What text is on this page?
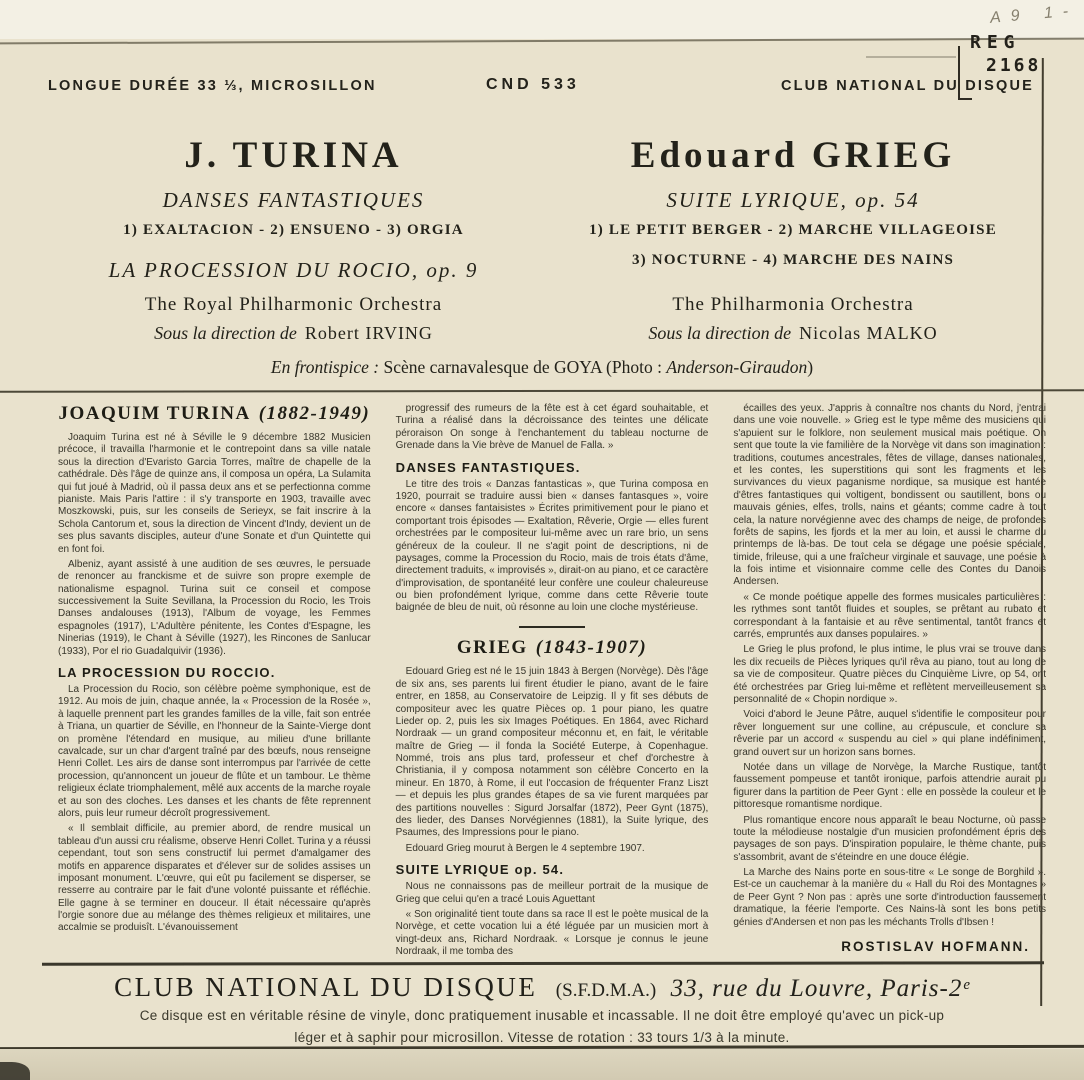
A9 1-
REG
2168
LONGUE DURÉE 33 ⅓, MICROSILLON	CND 533	CLUB NATIONAL DU DISQUE
J. TURINA
DANSES FANTASTIQUES
1) EXALTACION - 2) ENSUENO - 3) ORGIA
LA PROCESSION DU ROCIO, op. 9
The Royal Philharmonic Orchestra
Sous la direction de Robert IRVING
Edouard GRIEG
SUITE LYRIQUE, op. 54
1) LE PETIT BERGER - 2) MARCHE VILLAGEOISE
3) NOCTURNE - 4) MARCHE DES NAINS
The Philharmonia Orchestra
Sous la direction de Nicolas MALKO
En frontispice : Scène carnavalesque de GOYA (Photo : Anderson-Giraudon)
JOAQUIM TURINA (1882-1949)

Joaquim Turina est né à Séville le 9 décembre 1882 Musicien précoce, il travailla l'harmonie et le contrepoint dans sa ville natale sous la direction d'Evaristo Garcia Torres, maître de chapelle de la cathédrale. Dès l'âge de quinze ans, il composa un opéra, La Sulamita qui fut joué à Madrid, où il passa deux ans et se perfectionna comme pianiste. Mais Paris l'attire : il s'y transporte en 1903, travaille avec Moszkowski, puis, sur les conseils de Serieyx, se fait inscrire à la Schola Cantorum et, sous la direction de Vincent d'Indy, devient un de ses plus savants disciples, auteur d'une Sonate et d'un Quintette qui en font foi.

Albeniz, ayant assisté à une audition de ses œuvres, le persuade de renoncer au franckisme et de suivre son propre exemple de nationalisme espagnol. Turina suit ce conseil et compose successivement la Suite Sevillana, la Procession du Rocio, les Trois Danses andalouses (1913), l'Album de voyage, les Femmes espagnoles (1917), L'Adultère pénitente, les Contes d'Espagne, les Ninerias (1919), le Chant à Séville (1927), les Rincones de Sanlucar (1933), Por el rio Guadalquivir (1936).

LA PROCESSION DU ROCCIO.

La Procession du Rocio, son célèbre poème symphonique, est de 1912. Au mois de juin, chaque année, la « Procession de la Rosée », à laquelle prennent part les grandes familles de la ville, fait son entrée à Triana, un quartier de Séville, en l'honneur de la Sainte-Vierge dont on promène l'étendard en musique, au milieu d'une brillante cavalcade, sur un char d'argent traîné par des bœufs, nous renseigne Henri Collet. Les airs de danse sont interrompus par l'arrivée de cette procession, qu'annoncent un joueur de flûte et un tambour. Le thème religieux éclate triomphalement, mêlé aux accents de la marche royale et au son des cloches. Les danses et les chants de fête reprennent alors, puis leur rumeur décroît progressivement.

« Il semblait difficile, au premier abord, de rendre musical un tableau d'un aussi cru réalisme, observe Henri Collet. Turina y a réussi cependant, tout son sens constructif lui permet d'amalgamer des motifs en apparence disparates et d'élever sur de solides assises un imposant monument. L'œuvre, qui eût pu facilement se disperser, se resserre au contraire par le fait d'une volonté puissante et réfléchie. Elle gagne à se terminer en douceur. Il était nécessaire qu'après l'orgie sonore due au mélange des thèmes religieux et militaires, une accalmie se produisît. L'évanouissement

progressif des rumeurs de la fête est à cet égard souhaitable, et Turina a réalisé dans la décroissance des teintes une délicate péroraison On songe à l'enchantement du tableau nocturne de Grenade dans la Vie brève de Manuel de Falla. »

DANSES FANTASTIQUES.

Le titre des trois « Danzas fantasticas », que Turina composa en 1920, pourrait se traduire aussi bien « danses fantasques », voire encore « danses fantaisistes » Écrites primitivement pour le piano et comportant trois épisodes — Exaltation, Rêverie, Orgie — elles furent orchestrées par le compositeur lui-même avec un rare brio, un sens généreux de la couleur. Il ne s'agit point de descriptions, ni de paysages, comme la Procession du Rocio, mais de trois états d'âme, directement traduits, « improvisés », dirait-on au piano, et ce caractère d'improvisation, de spontanéité leur confère une couleur chaleureuse ou bien profondément lyrique, comme dans cette Rêverie toute baignée de bleu de nuit, où résonne au loin une cloche mystérieuse.

GRIEG (1843-1907)

Edouard Grieg est né le 15 juin 1843 à Bergen (Norvège). Dès l'âge de six ans, ses parents lui firent étudier le piano, avant de le faire entrer, en 1858, au Conservatoire de Leipzig. Il y fit ses débuts de compositeur avec les quatre Pièces op. 1 pour piano, les quatre Lieder op. 2, puis les six Images Poétiques. En 1864, avec Richard Nordraak — un grand compositeur méconnu et, en fait, le véritable maître de Grieg — il fonda la Société Euterpe, à Copenhague. Nommé, trois ans plus tard, professeur et chef d'orchestre à Christiania, il y composa notamment son célèbre Concerto en la mineur. En 1870, à Rome, il eut l'occasion de fréquenter Franz Liszt — et depuis les plus grandes étapes de sa vie furent marquées par des partitions nouvelles : Sigurd Jorsalfar (1872), Peer Gynt (1875), des lieder, des Danses Norvégiennes (1881), la Suite lyrique, des Psaumes, des Impressions pour le piano.

Edouard Grieg mourut à Bergen le 4 septembre 1907.

SUITE LYRIQUE op. 54.

Nous ne connaissons pas de meilleur portrait de la musique de Grieg que celui qu'en a tracé Louis Aguettant

« Son originalité tient toute dans sa race Il est le poète musical de la Norvège, et cette vocation lui a été léguée par un musicien mort à vingt-deux ans, Richard Nordraak. « Lorsque je connus le jeune Nordraak, il me tomba des

écailles des yeux. J'appris à connaître nos chants du Nord, j'entrai dans une voie nouvelle. » Grieg est le type même des musiciens qui s'apuient sur le folklore, non seulement musical mais poétique. On sent que toute la vie familière de la Norvège vit dans son imagination : traditions, coutumes ancestrales, fêtes de village, danses nationales, et les contes, les superstitions qui sont les fragments et les survivances du vieux paganisme nordique, sa musique est hantée d'êtres fantastiques qui voltigent, bondissent ou sautillent, bons ou mauvais génies, elfes, trolls, nains et géants; comme cadre à tout cela, la nature norvégienne avec des champs de neige, de profondes forêts de sapins, les fjords et la mer au loin, et aussi le charme du printemps de là-bas. De tout cela se dégage une poésie spéciale, timide, frileuse, qui a une fraîcheur virginale et sauvage, une poésie à la fois intime et visionnaire comme celle des Contes du Danois Andersen.

« Ce monde poétique appelle des formes musicales particulières : les rythmes sont tantôt fluides et souples, se prêtant au rubato et correspondant à la fantaisie et au rêve sentimental, tantôt francs et carrés, empruntés aux danses populaires. »

Le Grieg le plus profond, le plus intime, le plus vrai se trouve dans les dix recueils de Pièces lyriques qu'il rêva au piano, tout au long de sa vie de compositeur. Quatre pièces du Cinquième Livre, op 54, ont été orchestrées par Grieg lui-même et reflètent merveilleusement sa personnalité de « Chopin nordique ».

Voici d'abord le Jeune Pâtre, auquel s'identifie le compositeur pour rêver longuement sur une colline, au crépuscule, et conclure sa rêverie par un accord « suspendu au ciel » qui plane indéfiniment, grand ouvert sur un horizon sans bornes.

Notée dans un village de Norvège, la Marche Rustique, tantôt faussement pompeuse et tantôt ironique, parfois attendrie aurait pu figurer dans la partition de Peer Gynt : elle en possède la couleur et le pittoresque romantisme nordique.

Plus romantique encore nous apparaît le beau Nocturne, où passe toute la mélodieuse nostalgie d'un musicien profondément épris des paysages de son pays. D'inspiration populaire, le thème chante, puis s'assombrit, avant de s'éteindre en une douce élégie.

La Marche des Nains porte en sous-titre « Le songe de Borghild ». Est-ce un cauchemar à la manière du « Hall du Roi des Montagnes » de Peer Gynt ? Non pas : après une sorte d'introduction faussement dramatique, la féerie l'emporte. Ces Nains-là sont les bons petits génies d'Andersen et non pas les méchants Trolls d'Ibsen !

ROSTISLAV HOFMANN.
CLUB NATIONAL DU DISQUE (S.F.D.M.A.) 33, rue du Louvre, Paris-2ᵉ
Ce disque est en véritable résine de vinyle, donc pratiquement inusable et incassable. Il ne doit être employé qu'avec un pick-up
léger et à saphir pour microsillon. Vitesse de rotation : 33 tours 1/3 à la minute.
